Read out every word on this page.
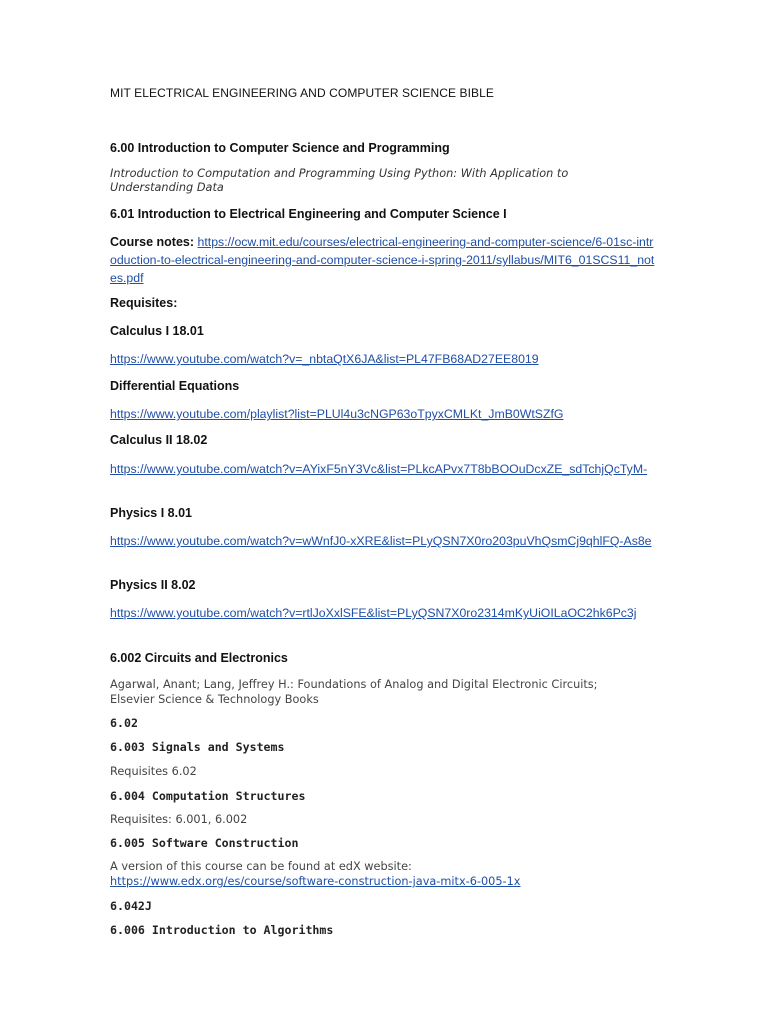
MIT ELECTRICAL ENGINEERING AND COMPUTER SCIENCE BIBLE

6.00 Introduction to Computer Science and Programming

Introduction to Computation and Programming Using Python: With Application to Understanding Data

6.01 Introduction to Electrical Engineering and Computer Science I

Course notes: https://ocw.mit.edu/courses/electrical-engineering-and-computer-science/6-01sc-introduction-to-electrical-engineering-and-computer-science-i-spring-2011/syllabus/MIT6_01SCS11_notes.pdf

Requisites:

Calculus I 18.01

https://www.youtube.com/watch?v=_nbtaQtX6JA&list=PL47FB68AD27EE8019

Differential Equations

https://www.youtube.com/playlist?list=PLUl4u3cNGP63oTpyxCMLKt_JmB0WtSZfG

Calculus II 18.02

https://www.youtube.com/watch?v=AYixF5nY3Vc&list=PLkcAPvx7T8bBOOuDcxZE_sdTchjQcTyM-

Physics I 8.01

https://www.youtube.com/watch?v=wWnfJ0-xXRE&list=PLyQSN7X0ro203puVhQsmCj9qhlFQ-As8e

Physics II 8.02

https://www.youtube.com/watch?v=rtlJoXxlSFE&list=PLyQSN7X0ro2314mKyUiOILaOC2hk6Pc3j

6.002 Circuits and Electronics

Agarwal, Anant; Lang, Jeffrey H.: Foundations of Analog and Digital Electronic Circuits; Elsevier Science & Technology Books

6.02

6.003 Signals and Systems

Requisites 6.02

6.004 Computation Structures

Requisites: 6.001, 6.002

6.005 Software Construction

A version of this course can be found at edX website:
https://www.edx.org/es/course/software-construction-java-mitx-6-005-1x

6.042J

6.006 Introduction to Algorithms
